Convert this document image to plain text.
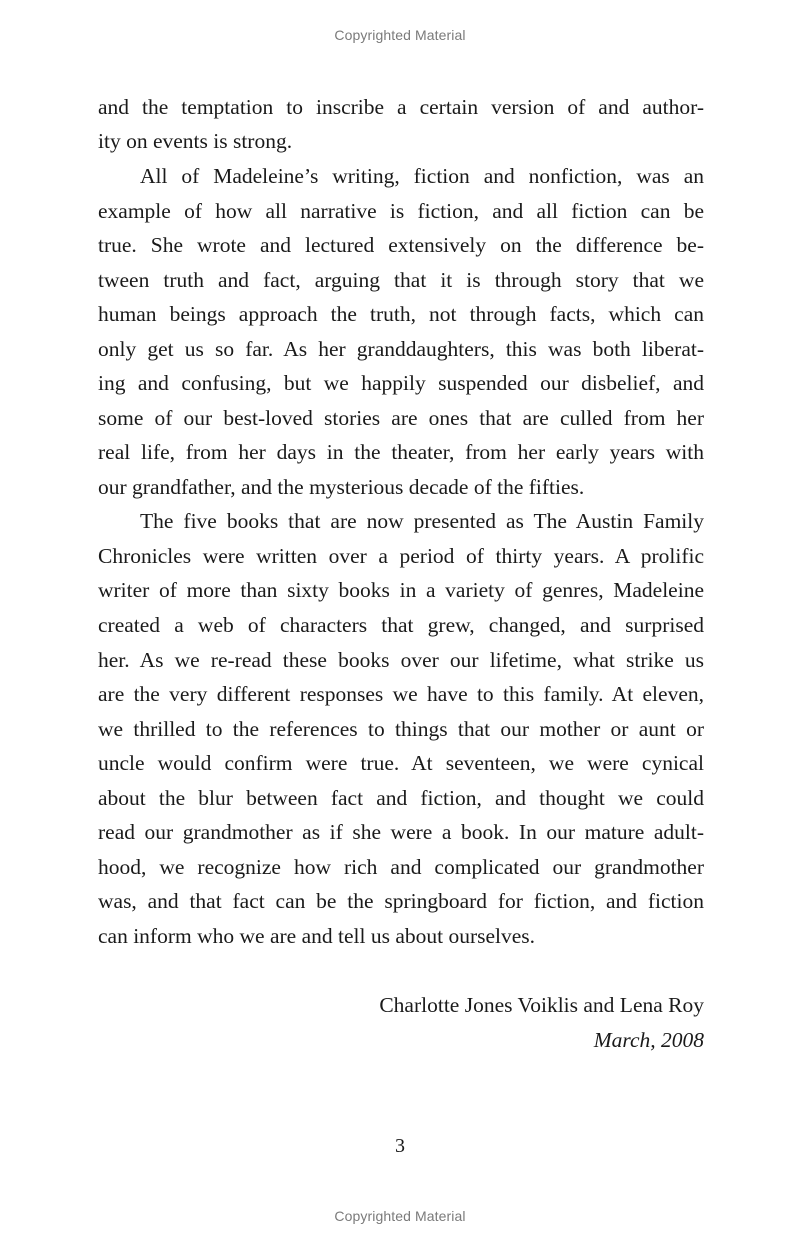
Copyrighted Material
and the temptation to inscribe a certain version of and author-
ity on events is strong.
All of Madeleine’s writing, fiction and nonfiction, was an
example of how all narrative is fiction, and all fiction can be
true. She wrote and lectured extensively on the difference be-
tween truth and fact, arguing that it is through story that we
human beings approach the truth, not through facts, which can
only get us so far. As her granddaughters, this was both liberat-
ing and confusing, but we happily suspended our disbelief, and
some of our best-loved stories are ones that are culled from her
real life, from her days in the theater, from her early years with
our grandfather, and the mysterious decade of the fifties.
The five books that are now presented as The Austin Family
Chronicles were written over a period of thirty years. A prolific
writer of more than sixty books in a variety of genres, Madeleine
created a web of characters that grew, changed, and surprised
her. As we re-read these books over our lifetime, what strike us
are the very different responses we have to this family. At eleven,
we thrilled to the references to things that our mother or aunt or
uncle would confirm were true. At seventeen, we were cynical
about the blur between fact and fiction, and thought we could
read our grandmother as if she were a book. In our mature adult-
hood, we recognize how rich and complicated our grandmother
was, and that fact can be the springboard for fiction, and fiction
can inform who we are and tell us about ourselves.
Charlotte Jones Voiklis and Lena Roy
March, 2008
3
Copyrighted Material
